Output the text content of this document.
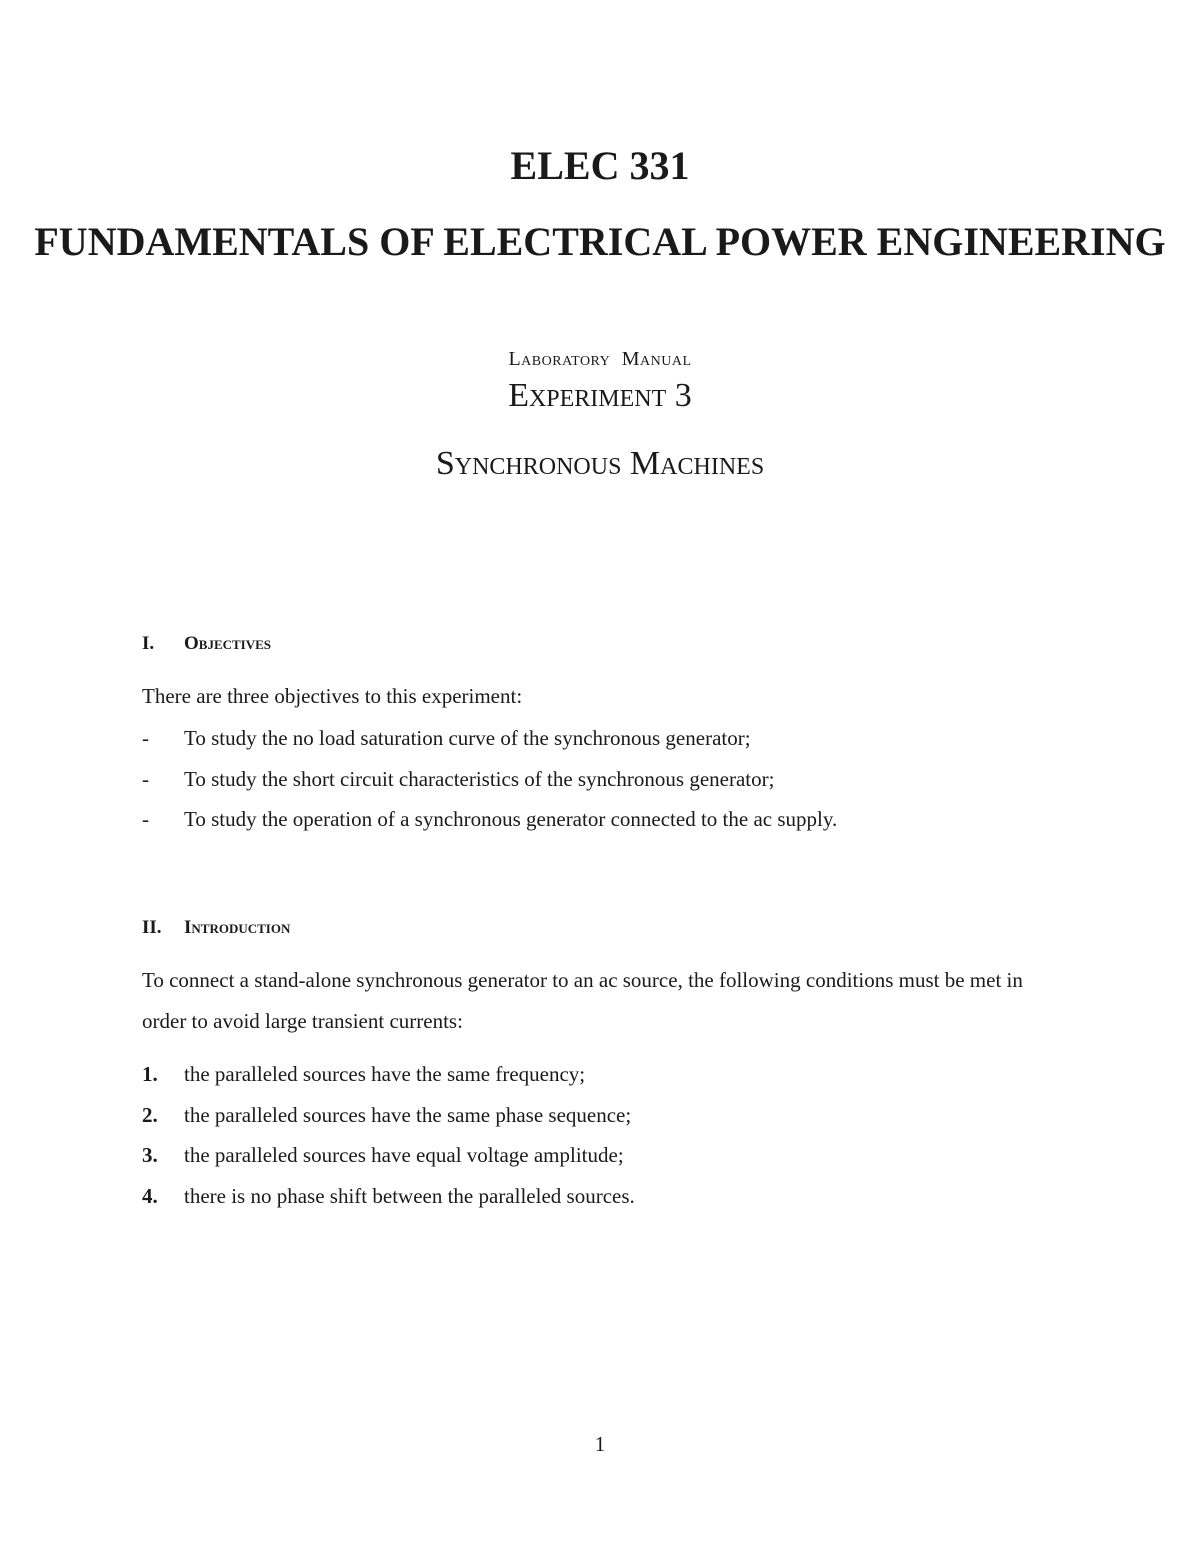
ELEC 331
FUNDAMENTALS OF ELECTRICAL POWER ENGINEERING
Laboratory Manual
Experiment 3
Synchronous Machines
I. Objectives

There are three objectives to this experiment:

- To study the no load saturation curve of the synchronous generator;
- To study the short circuit characteristics of the synchronous generator;
- To study the operation of a synchronous generator connected to the ac supply.
II. Introduction

To connect a stand-alone synchronous generator to an ac source, the following conditions must be met in order to avoid large transient currents:

1. the paralleled sources have the same frequency;
2. the paralleled sources have the same phase sequence;
3. the paralleled sources have equal voltage amplitude;
4. there is no phase shift between the paralleled sources.
1
